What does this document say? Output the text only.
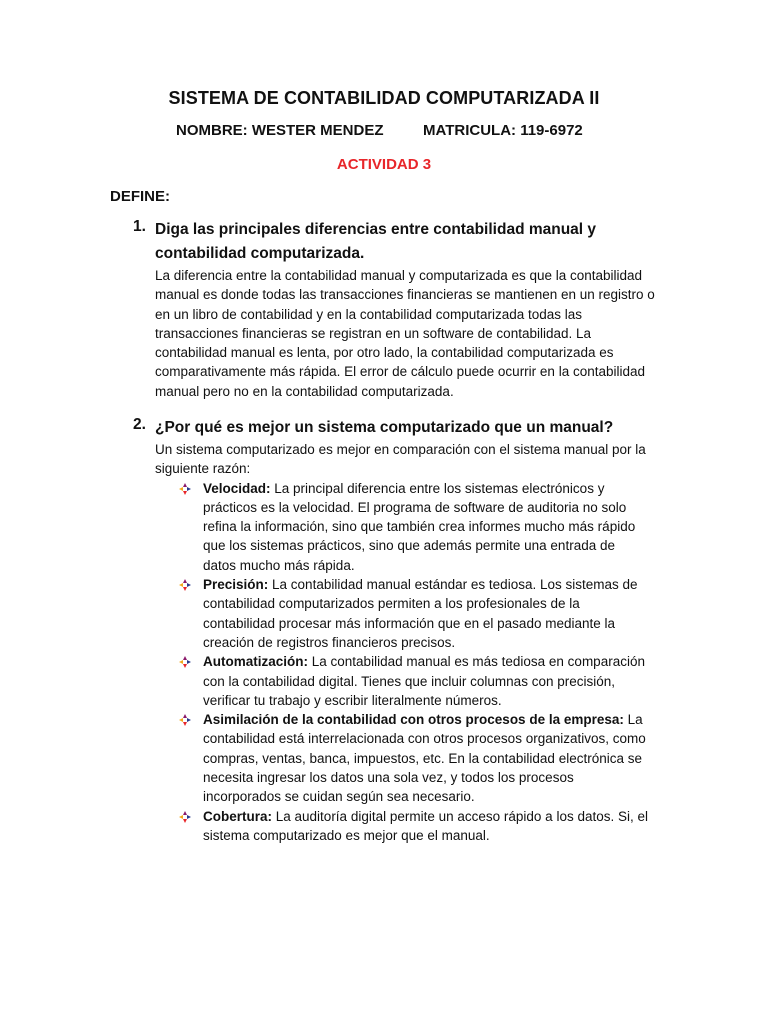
SISTEMA DE CONTABILIDAD COMPUTARIZADA II
NOMBRE: WESTER MENDEZ	MATRICULA: 119-6972
ACTIVIDAD 3
DEFINE:
1. Diga las principales diferencias entre contabilidad manual y contabilidad computarizada.
La diferencia entre la contabilidad manual y computarizada es que la contabilidad manual es donde todas las transacciones financieras se mantienen en un registro o en un libro de contabilidad y en la contabilidad computarizada todas las transacciones financieras se registran en un software de contabilidad. La contabilidad manual es lenta, por otro lado, la contabilidad computarizada es comparativamente más rápida. El error de cálculo puede ocurrir en la contabilidad manual pero no en la contabilidad computarizada.
2. ¿Por qué es mejor un sistema computarizado que un manual?
Un sistema computarizado es mejor en comparación con el sistema manual por la siguiente razón:
Velocidad: La principal diferencia entre los sistemas electrónicos y prácticos es la velocidad. El programa de software de auditoria no solo refina la información, sino que también crea informes mucho más rápido que los sistemas prácticos, sino que además permite una entrada de datos mucho más rápida.
Precisión: La contabilidad manual estándar es tediosa. Los sistemas de contabilidad computarizados permiten a los profesionales de la contabilidad procesar más información que en el pasado mediante la creación de registros financieros precisos.
Automatización: La contabilidad manual es más tediosa en comparación con la contabilidad digital. Tienes que incluir columnas con precisión, verificar tu trabajo y escribir literalmente números.
Asimilación de la contabilidad con otros procesos de la empresa: La contabilidad está interrelacionada con otros procesos organizativos, como compras, ventas, banca, impuestos, etc. En la contabilidad electrónica se necesita ingresar los datos una sola vez, y todos los procesos incorporados se cuidan según sea necesario.
Cobertura: La auditoría digital permite un acceso rápido a los datos. Si, el sistema computarizado es mejor que el manual.
